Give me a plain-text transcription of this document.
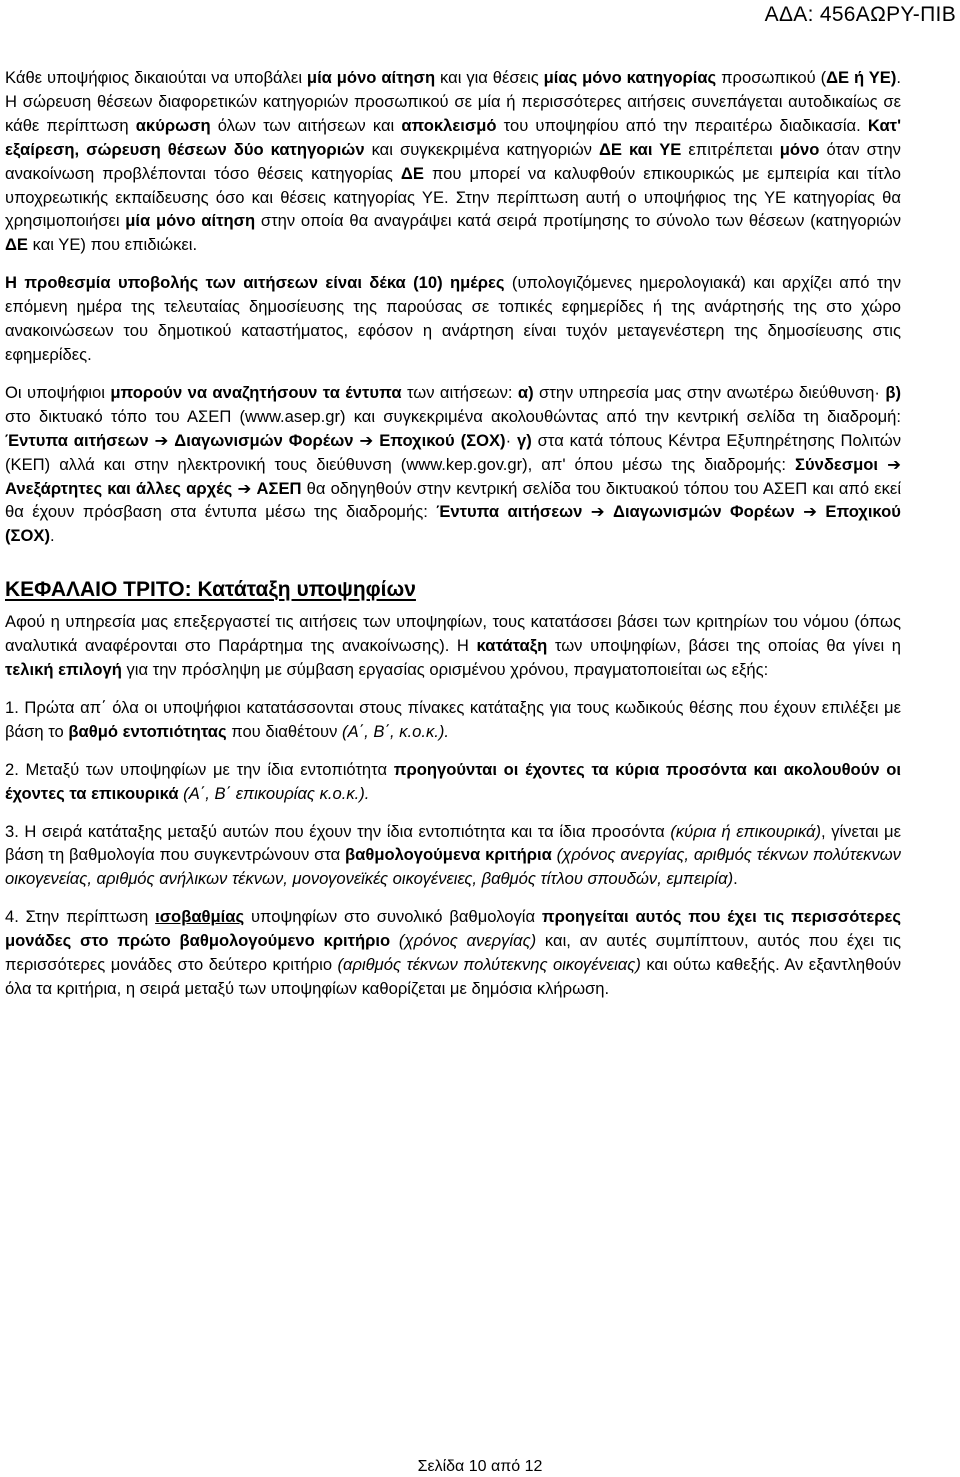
ΑΔΑ: 456ΑΩΡΥ-ΠΙΒ

Κάθε υποψήφιος δικαιούται να υποβάλει μία μόνο αίτηση και για θέσεις μίας μόνο κατηγορίας προσωπικού (ΔΕ ή ΥΕ). Η σώρευση θέσεων διαφορετικών κατηγοριών προσωπικού σε μία ή περισσότερες αιτήσεις συνεπάγεται αυτοδικαίως σε κάθε περίπτωση ακύρωση όλων των αιτήσεων και αποκλεισμό του υποψηφίου από την περαιτέρω διαδικασία. Κατ' εξαίρεση, σώρευση θέσεων δύο κατηγοριών και συγκεκριμένα κατηγοριών ΔΕ και ΥΕ επιτρέπεται μόνο όταν στην ανακοίνωση προβλέπονται τόσο θέσεις κατηγορίας ΔΕ που μπορεί να καλυφθούν επικουρικώς με εμπειρία και τίτλο υποχρεωτικής εκπαίδευσης όσο και θέσεις κατηγορίας ΥΕ. Στην περίπτωση αυτή ο υποψήφιος της ΥΕ κατηγορίας θα χρησιμοποιήσει μία μόνο αίτηση στην οποία θα αναγράψει κατά σειρά προτίμησης το σύνολο των θέσεων (κατηγοριών ΔΕ και ΥΕ) που επιδιώκει.

Η προθεσμία υποβολής των αιτήσεων είναι δέκα (10) ημέρες (υπολογιζόμενες ημερολογιακά) και αρχίζει από την επόμενη ημέρα της τελευταίας δημοσίευσης της παρούσας σε τοπικές εφημερίδες ή της ανάρτησής της στο χώρο ανακοινώσεων του δημοτικού καταστήματος, εφόσον η ανάρτηση είναι τυχόν μεταγενέστερη της δημοσίευσης στις εφημερίδες.

Οι υποψήφιοι μπορούν να αναζητήσουν τα έντυπα των αιτήσεων: α) στην υπηρεσία μας στην ανωτέρω διεύθυνση· β) στο δικτυακό τόπο του ΑΣΕΠ (www.asep.gr) και συγκεκριμένα ακολουθώντας από την κεντρική σελίδα τη διαδρομή: Έντυπα αιτήσεων ➔ Διαγωνισμών Φορέων ➔ Εποχικού (ΣΟΧ)· γ) στα κατά τόπους Κέντρα Εξυπηρέτησης Πολιτών (ΚΕΠ) αλλά και στην ηλεκτρονική τους διεύθυνση (www.kep.gov.gr), απ' όπου μέσω της διαδρομής: Σύνδεσμοι ➔ Ανεξάρτητες και άλλες αρχές ➔ ΑΣΕΠ θα οδηγηθούν στην κεντρική σελίδα του δικτυακού τόπου του ΑΣΕΠ και από εκεί θα έχουν πρόσβαση στα έντυπα μέσω της διαδρομής: Έντυπα αιτήσεων ➔ Διαγωνισμών Φορέων ➔ Εποχικού (ΣΟΧ).

ΚΕΦΑΛΑΙΟ ΤΡΙΤΟ: Κατάταξη υποψηφίων

Αφού η υπηρεσία μας επεξεργαστεί τις αιτήσεις των υποψηφίων, τους κατατάσσει βάσει των κριτηρίων του νόμου (όπως αναλυτικά αναφέρονται στο Παράρτημα της ανακοίνωσης). Η κατάταξη των υποψηφίων, βάσει της οποίας θα γίνει η τελική επιλογή για την πρόσληψη με σύμβαση εργασίας ορισμένου χρόνου, πραγματοποιείται ως εξής:

1. Πρώτα απ΄ όλα οι υποψήφιοι κατατάσσονται στους πίνακες κατάταξης για τους κωδικούς θέσης που έχουν επιλέξει με βάση το βαθμό εντοπιότητας που διαθέτουν (Α΄, Β΄, κ.ο.κ.).

2. Μεταξύ των υποψηφίων με την ίδια εντοπιότητα προηγούνται οι έχοντες τα κύρια προσόντα και ακολουθούν οι έχοντες τα επικουρικά (Α΄, Β΄ επικουρίας κ.ο.κ.).

3. Η σειρά κατάταξης μεταξύ αυτών που έχουν την ίδια εντοπιότητα και τα ίδια προσόντα (κύρια ή επικουρικά), γίνεται με βάση τη βαθμολογία που συγκεντρώνουν στα βαθμολογούμενα κριτήρια (χρόνος ανεργίας, αριθμός τέκνων πολύτεκνων οικογενείας, αριθμός ανήλικων τέκνων, μονογονεϊκές οικογένειες, βαθμός τίτλου σπουδών, εμπειρία).

4. Στην περίπτωση ισοβαθμίας υποψηφίων στο συνολικό βαθμολογία προηγείται αυτός που έχει τις περισσότερες μονάδες στο πρώτο βαθμολογούμενο κριτήριο (χρόνος ανεργίας) και, αν αυτές συμπίπτουν, αυτός που έχει τις περισσότερες μονάδες στο δεύτερο κριτήριο (αριθμός τέκνων πολύτεκνης οικογένειας) και ούτω καθεξής. Αν εξαντληθούν όλα τα κριτήρια, η σειρά μεταξύ των υποψηφίων καθορίζεται με δημόσια κλήρωση.

Σελίδα 10 από 12
